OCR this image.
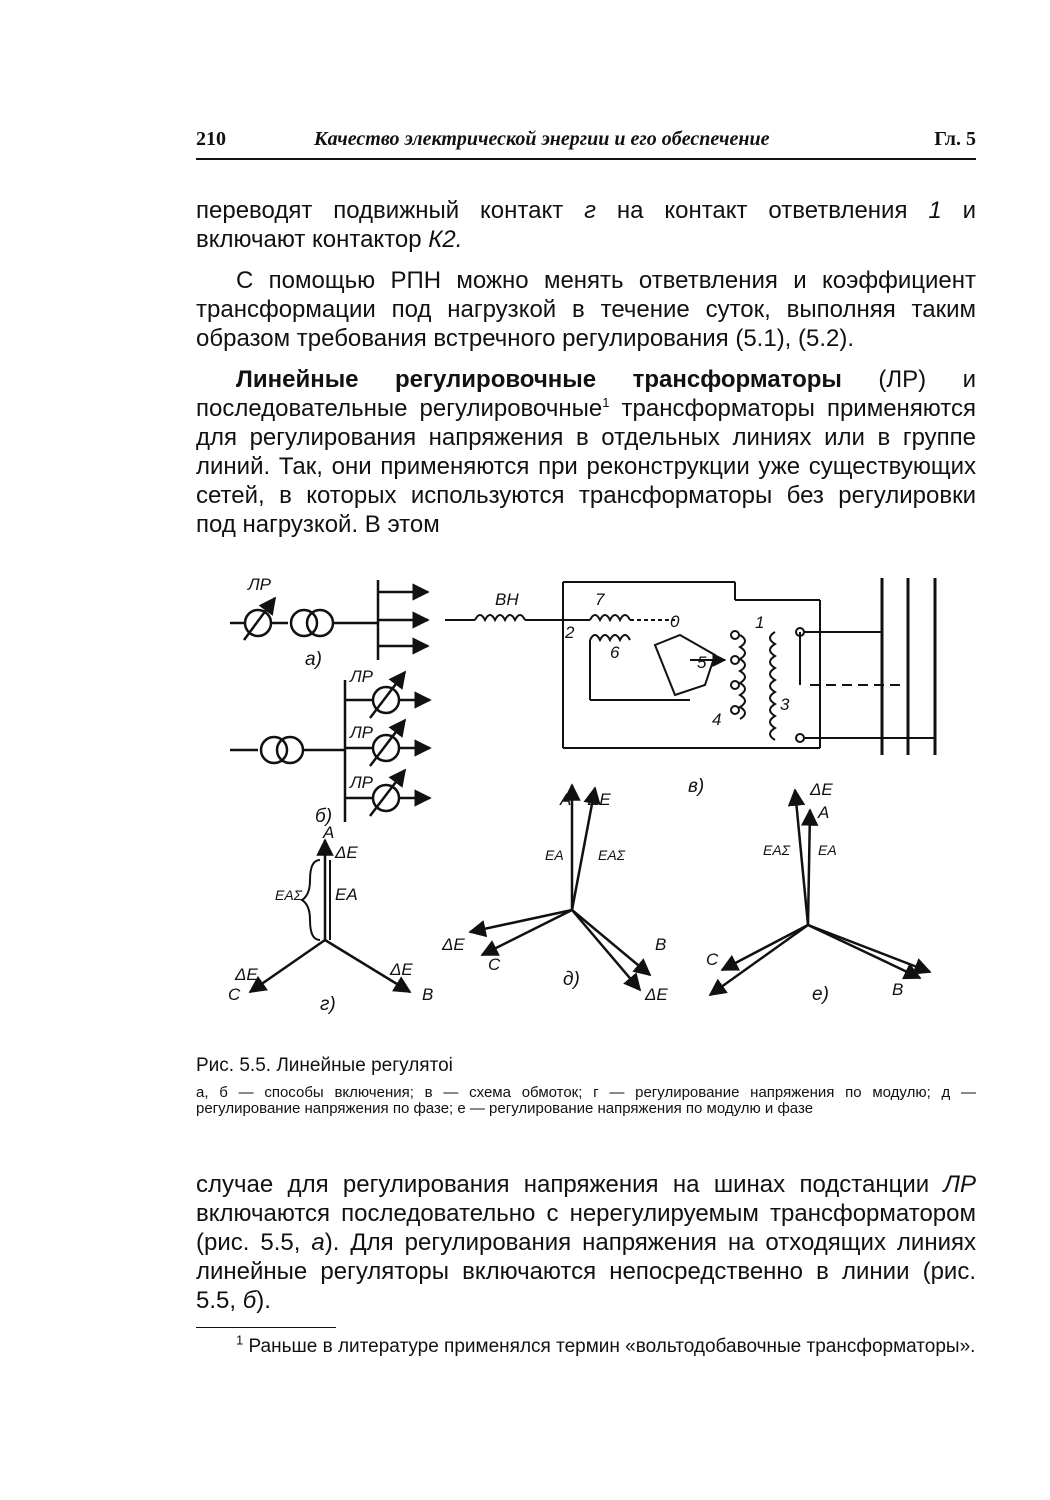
210	Качество электрической энергии и его обеспечение	Гл. 5

переводят подвижный контакт г на контакт ответвления 1 и включают контактор К2.

С помощью РПН можно менять ответвления и коэффициент трансформации под нагрузкой в течение суток, выполняя таким образом требования встречного регулирования (5.1), (5.2).

Линейные регулировочные трансформаторы (ЛР) и последовательные регулировочные$^1$ трансформаторы применяются для регулирования напряжения в отдельных линиях или в группе линий. Так, они применяются при реконструкции уже существующих сетей, в которых используются трансформаторы без регулировки под нагрузкой. В этом

ЛР
а)
ЛР
ЛР
ЛР
б)
ВН	7
0
2
6
1
5
3
4
в)
A
ΔE
EAΣ EA
ΔE	ΔE
C	B
г)
A ΔE
EA EAΣ
ΔE
C
B
ΔE
д)
ΔE
A
EAΣ EA
C
B
е)
Рис. 5.5. Линейные регулятоі
а, б — способы включения; в — схема обмоток; г — регулирование напряжения по модулю; д — регулирование напряжения по фазе; е — регулирование напряжения по модулю и фазе

случае для регулирования напряжения на шинах подстанции ЛР включаются последовательно с нерегулируемым трансформатором (рис. 5.5, а). Для регулирования напряжения на отходящих линиях линейные регуляторы включаются непосредственно в линии (рис. 5.5, б).

$^1$ Раньше в литературе применялся термин «вольтодобавочные трансформаторы».
